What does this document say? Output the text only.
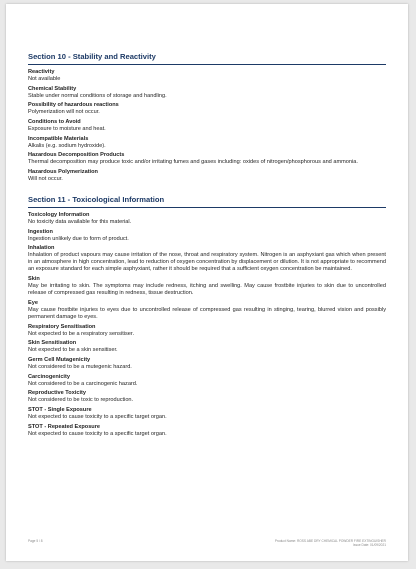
Section 10 - Stability and Reactivity
Reactivity
Not available
Chemical Stability
Stable under normal conditions of storage and handling.
Possibility of hazardous reactions
Polymerization will not occur.
Conditions to Avoid
Exposure to moisture and heat.
Incompatible Materials
Alkalis (e.g. sodium hydroxide).
Hazardous Decomposition Products
Thermal decomposition may produce toxic and/or irritating fumes and gases including: oxides of nitrogen/phosphorous and ammonia.
Hazardous Polymerization
Will not occur.
Section 11 - Toxicological Information
Toxicology Information
No toxicity data available for this material.
Ingestion
Ingestion unlikely due to form of product.
Inhalation
Inhalation of product vapours may cause irritation of the nose, throat and respiratory system. Nitrogen is an asphyxiant gas which when present in an atmosphere in high concentration, lead to reduction of oxygen concentration by displacement or dilution. It is not appropriate to recommend an exposure standard for each simple asphyxiant, rather it should be required that a sufficient oxygen concentration be maintained.
Skin
May be irritating to skin. The symptoms may include redness, itching and swelling. May cause frostbite injuries to skin due to uncontrolled release of compressed gas resulting in redness, tissue destruction.
Eye
May cause frostbite injuries to eyes due to uncontrolled release of compressed gas resulting in stinging, tearing, blurred vision and possibly permanent damage to eyes.
Respiratory Sensitisation
Not expected to be a respiratory sensitiser.
Skin Sensitisation
Not expected to be a skin sensitiser.
Germ Cell Mutagenicity
Not considered to be a mutegenic hazard.
Carcinogenicity
Not considered to be a carcinogenic hazard.
Reproductive Toxicity
Not considered to be toxic to reproduction.
STOT - Single Exposure
Not expected to cause toxicity to a specific target organ.
STOT - Repeated Exposure
Not expected to cause toxicity to a specific target organ.
Page 5 / 8	Product Name: ROSS ABE DRY CHEMICAL POWDER FIRE EXTINGUISHER
Issue Date: 01/09/2021
